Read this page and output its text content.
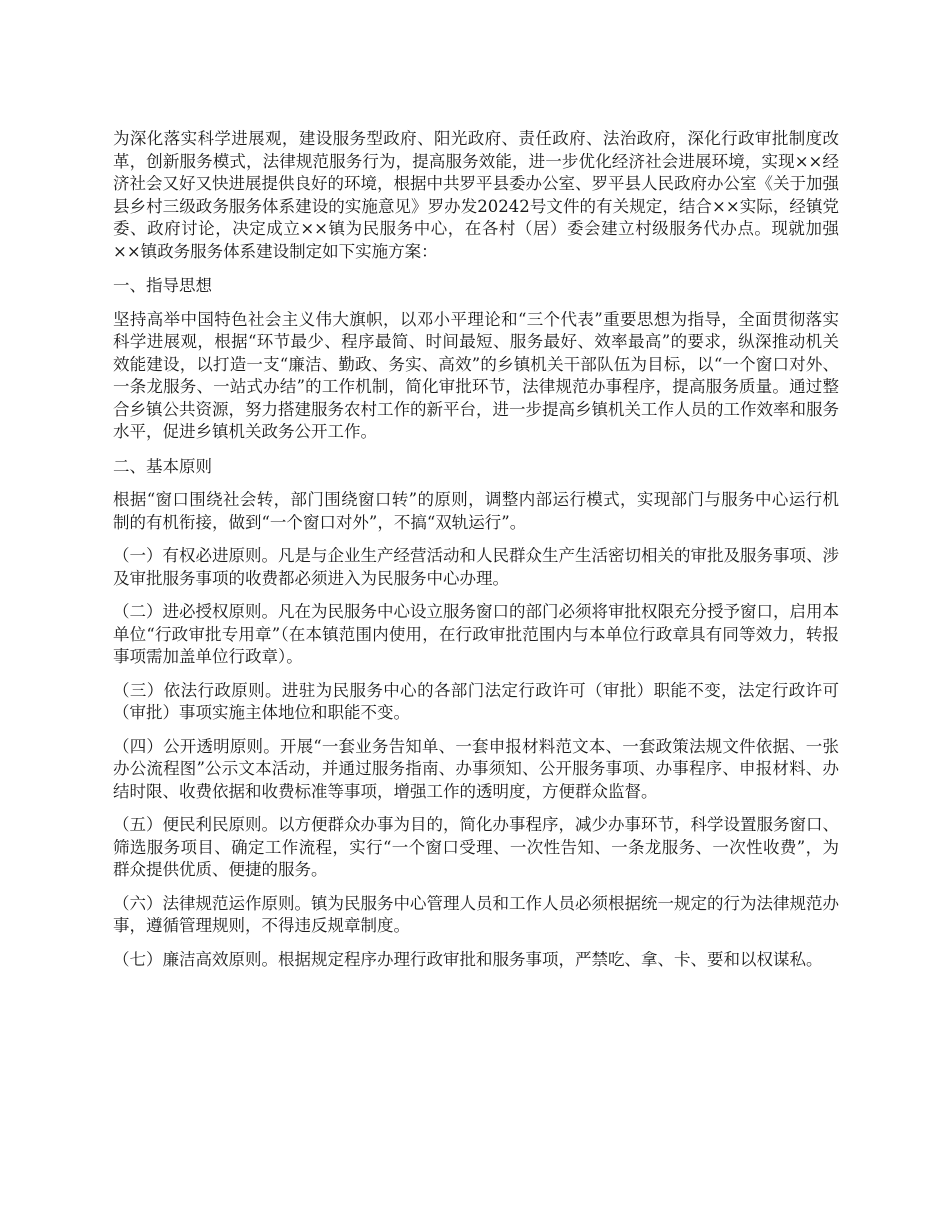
为深化落实科学进展观，建设服务型政府、阳光政府、责任政府、法治政府，深化行政审批制度改革，创新服务模式，法律规范服务行为，提高服务效能，进一步优化经济社会进展环境，实现××经济社会又好又快进展提供良好的环境，根据中共罗平县委办公室、罗平县人民政府办公室《关于加强县乡村三级政务服务体系建设的实施意见》罗办发20242号文件的有关规定，结合××实际，经镇党委、政府讨论，决定成立××镇为民服务中心，在各村（居）委会建立村级服务代办点。现就加强××镇政务服务体系建设制定如下实施方案：

一、指导思想

坚持高举中国特色社会主义伟大旗帜，以邓小平理论和“三个代表”重要思想为指导，全面贯彻落实科学进展观，根据“环节最少、程序最简、时间最短、服务最好、效率最高”的要求，纵深推动机关效能建设，以打造一支“廉洁、勤政、务实、高效”的乡镇机关干部队伍为目标，以“一个窗口对外、一条龙服务、一站式办结”的工作机制，简化审批环节，法律规范办事程序，提高服务质量。通过整合乡镇公共资源，努力搭建服务农村工作的新平台，进一步提高乡镇机关工作人员的工作效率和服务水平，促进乡镇机关政务公开工作。

二、基本原则

根据“窗口围绕社会转，部门围绕窗口转”的原则，调整内部运行模式，实现部门与服务中心运行机制的有机衔接，做到“一个窗口对外”，不搞“双轨运行”。

（一）有权必进原则。凡是与企业生产经营活动和人民群众生产生活密切相关的审批及服务事项、涉及审批服务事项的收费都必须进入为民服务中心办理。

（二）进必授权原则。凡在为民服务中心设立服务窗口的部门必须将审批权限充分授予窗口，启用本单位“行政审批专用章”（在本镇范围内使用，在行政审批范围内与本单位行政章具有同等效力，转报事项需加盖单位行政章）。

（三）依法行政原则。进驻为民服务中心的各部门法定行政许可（审批）职能不变，法定行政许可（审批）事项实施主体地位和职能不变。

（四）公开透明原则。开展“一套业务告知单、一套申报材料范文本、一套政策法规文件依据、一张办公流程图”公示文本活动，并通过服务指南、办事须知、公开服务事项、办事程序、申报材料、办结时限、收费依据和收费标准等事项，增强工作的透明度，方便群众监督。

（五）便民利民原则。以方便群众办事为目的，简化办事程序，减少办事环节，科学设置服务窗口、筛选服务项目、确定工作流程，实行“一个窗口受理、一次性告知、一条龙服务、一次性收费”，为群众提供优质、便捷的服务。

（六）法律规范运作原则。镇为民服务中心管理人员和工作人员必须根据统一规定的行为法律规范办事，遵循管理规则，不得违反规章制度。

（七）廉洁高效原则。根据规定程序办理行政审批和服务事项，严禁吃、拿、卡、要和以权谋私。
